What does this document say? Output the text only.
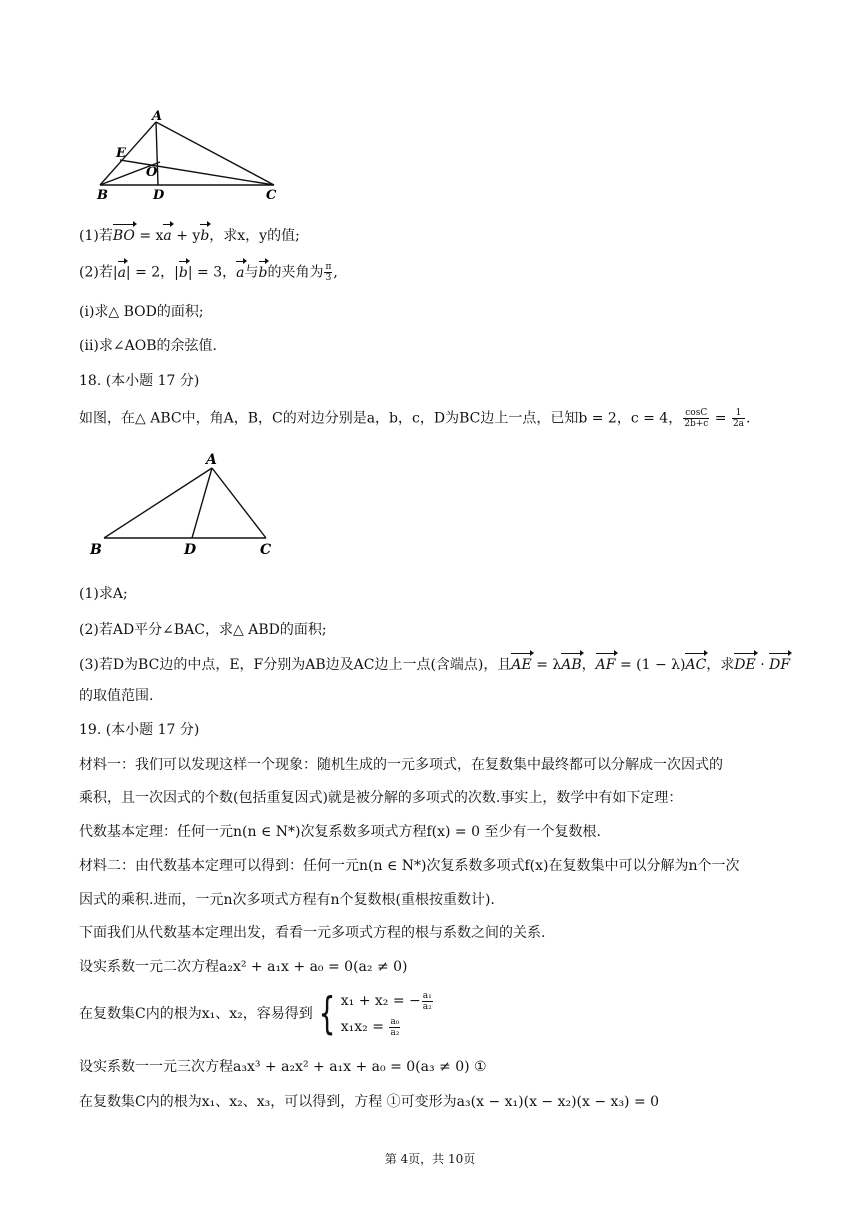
A
E
O
B	D	C
(1)若BO = xa + yb，求x，y的值;
(2)若|a| = 2，|b| = 3，a与b的夹角为 $\frac{\pi}{3}$ ,
(i)求△ BOD的面积;
(ii)求∠AOB的余弦值.
18. (本小题 17 分)
如图，在△ ABC中，角A，B，C的对边分别是a，b，c，D为BC边上一点，已知b = 2，c = 4， $\frac{\cos C}{2b+c} = \frac{1}{2a}$ .
A
B	D	C
(1)求A;
(2)若AD平分∠BAC，求△ ABD的面积;
(3)若D为BC边的中点，E，F分别为AB边及AC边上一点(含端点)，且AE = λAB，AF = (1 − λ)AC，求DE · DF
的取值范围.
19. (本小题 17 分)
材料一：我们可以发现这样一个现象：随机生成的一元多项式，在复数集中最终都可以分解成一次因式的
乘积，且一次因式的个数(包括重复因式)就是被分解的多项式的次数.事实上，数学中有如下定理：
代数基本定理：任何一元n(n ∈ N*)次复系数多项式方程f(x) = 0 至少有一个复数根.
材料二：由代数基本定理可以得到：任何一元n(n ∈ N*)次复系数多项式f(x)在复数集中可以分解为n个一次
因式的乘积.进而，一元n次多项式方程有n个复数根(重根按重数计).
下面我们从代数基本定理出发，看看一元多项式方程的根与系数之间的关系.
设实系数一元二次方程a₂x² + a₁x + a₀ = 0(a₂ ≠ 0)
在复数集C内的根为x₁、x₂，容易得到 { x₁ + x₂ = − $\frac{\text{a₁}}{\text{a₂}}$
$x_1x_2 = \frac{\text{a₀}}{\text{a₂}}$
设实系数一一元三次方程a₃x³ + a₂x² + a₁x + a₀ = 0(a₃ ≠ 0) ①
在复数集C内的根为x₁、x₂、x₃，可以得到，方程 ①可变形为a₃(x − x₁)(x − x₂)(x − x₃) = 0
第 4页，共 10页
